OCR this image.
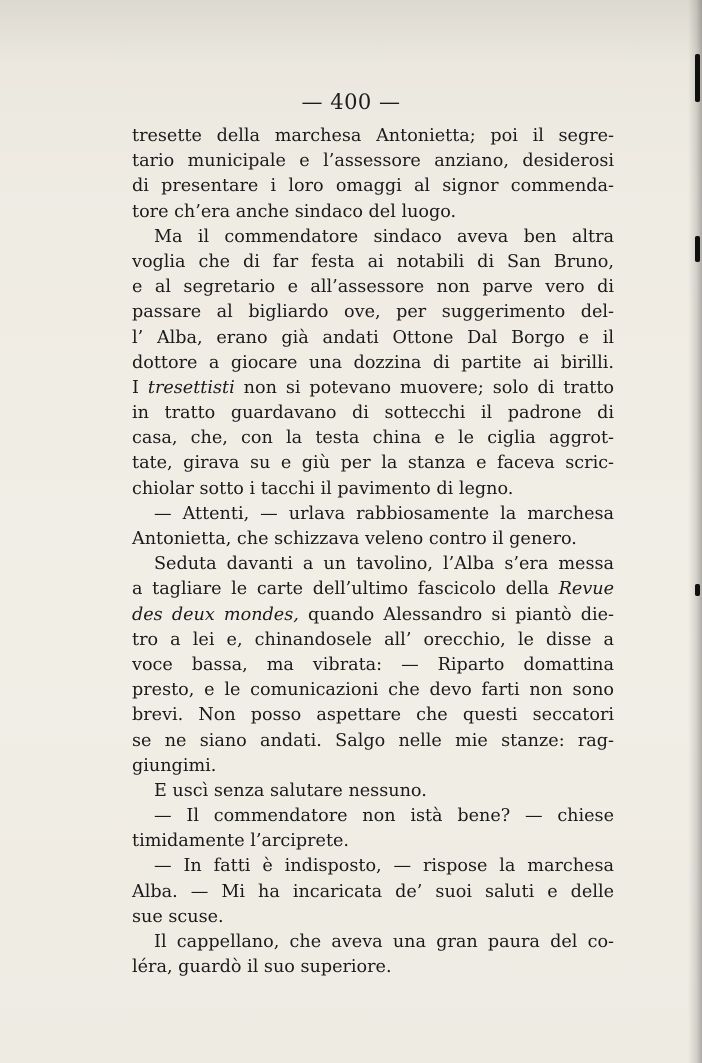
— 400 —
tresette della marchesa Antonietta; poi il segre-
tario municipale e l’assessore anziano, desiderosi
di presentare i loro omaggi al signor commenda-
tore ch’era anche sindaco del luogo.
Ma il commendatore sindaco aveva ben altra
voglia che di far festa ai notabili di San Bruno,
e al segretario e all’assessore non parve vero di
passare al bigliardo ove, per suggerimento del-
l’ Alba, erano già andati Ottone Dal Borgo e il
dottore a giocare una dozzina di partite ai birilli.
I tresettisti non si potevano muovere; solo di tratto
in tratto guardavano di sottecchi il padrone di
casa, che, con la testa china e le ciglia aggrot-
tate, girava su e giù per la stanza e faceva scric-
chiolar sotto i tacchi il pavimento di legno.
— Attenti, — urlava rabbiosamente la marchesa
Antonietta, che schizzava veleno contro il genero.
Seduta davanti a un tavolino, l’Alba s’era messa
a tagliare le carte dell’ultimo fascicolo della Revue
des deux mondes, quando Alessandro si piantò die-
tro a lei e, chinandosele all’ orecchio, le disse a
voce bassa, ma vibrata: — Riparto domattina
presto, e le comunicazioni che devo farti non sono
brevi. Non posso aspettare che questi seccatori
se ne siano andati. Salgo nelle mie stanze: rag-
giungimi.
E uscì senza salutare nessuno.
— Il commendatore non istà bene? — chiese
timidamente l’arciprete.
— In fatti è indisposto, — rispose la marchesa
Alba. — Mi ha incaricata de’ suoi saluti e delle
sue scuse.
Il cappellano, che aveva una gran paura del co-
léra, guardò il suo superiore.
